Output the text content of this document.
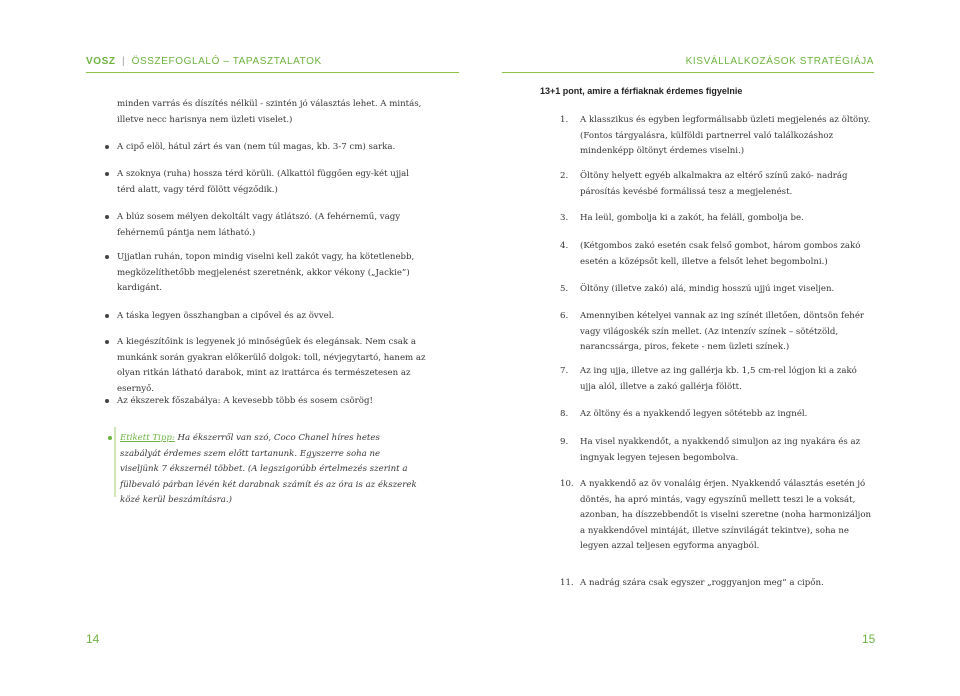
VOSZ | ÖSSZEFOGLALÓ – TAPASZTALATOK
minden varrás és díszítés nélkül - szintén jó választás lehet. A mintás, illetve necc harisnya nem üzleti viselet.)
A cipő elöl, hátul zárt és van (nem túl magas, kb. 3-7 cm) sarka.
A szoknya (ruha) hossza térd körüli. (Alkattól függően egy-két ujjal térd alatt, vagy térd fölött végződik.)
A blúz sosem mélyen dekoltált vagy átlátszó. (A fehérnemű, vagy fehérnemű pántja nem látható.)
Ujjatlan ruhán, topon mindig viselni kell zakót vagy, ha kötetlenebb, megközelíthetőbb megjelenést szeretnénk, akkor vékony („Jackie”) kardigánt.
A táska legyen összhangban a cipővel és az övvel.
A kiegészítőink is legyenek jó minőségűek és elegánsak. Nem csak a munkánk során gyakran előkerülő dolgok: toll, névjegytartó, hanem az olyan ritkán látható darabok, mint az irattárca és természetesen az esernyő.
Az ékszerek főszabálya: A kevesebb több és sosem csörög!
Etikett Tipp: Ha ékszerről van szó, Coco Chanel híres hetes szabályát érdemes szem előtt tartanunk. Egyszerre soha ne viseljünk 7 ékszernél többet. (A legszigorúbb értelmezés szerint a fülbevaló párban lévén két darabnak számít és az óra is az ékszerek közé kerül beszámításra.)
14
KISVÁLLALKOZÁSOK STRATÉGIÁJA
13+1 pont, amire a férfiaknak érdemes figyelnie
1. A klasszikus és egyben legformálisabb üzleti megjelenés az öltöny. (Fontos tárgyalásra, külföldi partnerrel való találkozáshoz mindenképp öltönyt érdemes viselni.)
2. Öltöny helyett egyéb alkalmakra az eltérő színű zakó- nadrág párosítás kevésbé formálissá tesz a megjelenést.
3. Ha leül, gombolja ki a zakót, ha feláll, gombolja be.
4. (Kétgombos zakó esetén csak felső gombot, három gombos zakó esetén a középsőt kell, illetve a felsőt lehet begombolni.)
5. Öltöny (illetve zakó) alá, mindig hosszú ujjú inget viseljen.
6. Amennyiben kételyei vannak az ing színét illetően, döntsön fehér vagy világoskék szín mellet. (Az intenzív színek – sötétzöld, narancssárga, piros, fekete - nem üzleti színek.)
7. Az ing ujja, illetve az ing gallérja kb. 1,5 cm-rel lógjon ki a zakó ujja alól, illetve a zakó gallérja fölött.
8. Az öltöny és a nyakkendő legyen sötétebb az ingnél.
9. Ha visel nyakkendőt, a nyakkendő simuljon az ing nyakára és az ingnyak legyen tejesen begombolva.
10. A nyakkendő az öv vonaláig érjen. Nyakkendő választás esetén jó döntés, ha apró mintás, vagy egyszínű mellett teszi le a voksát, azonban, ha díszzebbendőt is viselni szeretne (noha harmonizáljon a nyakkendővel mintáját, illetve színvilágát tekintve), soha ne legyen azzal teljesen egyforma anyagból.
11. A nadrág szára csak egyszer „roggyanjon meg” a cipőn.
15
